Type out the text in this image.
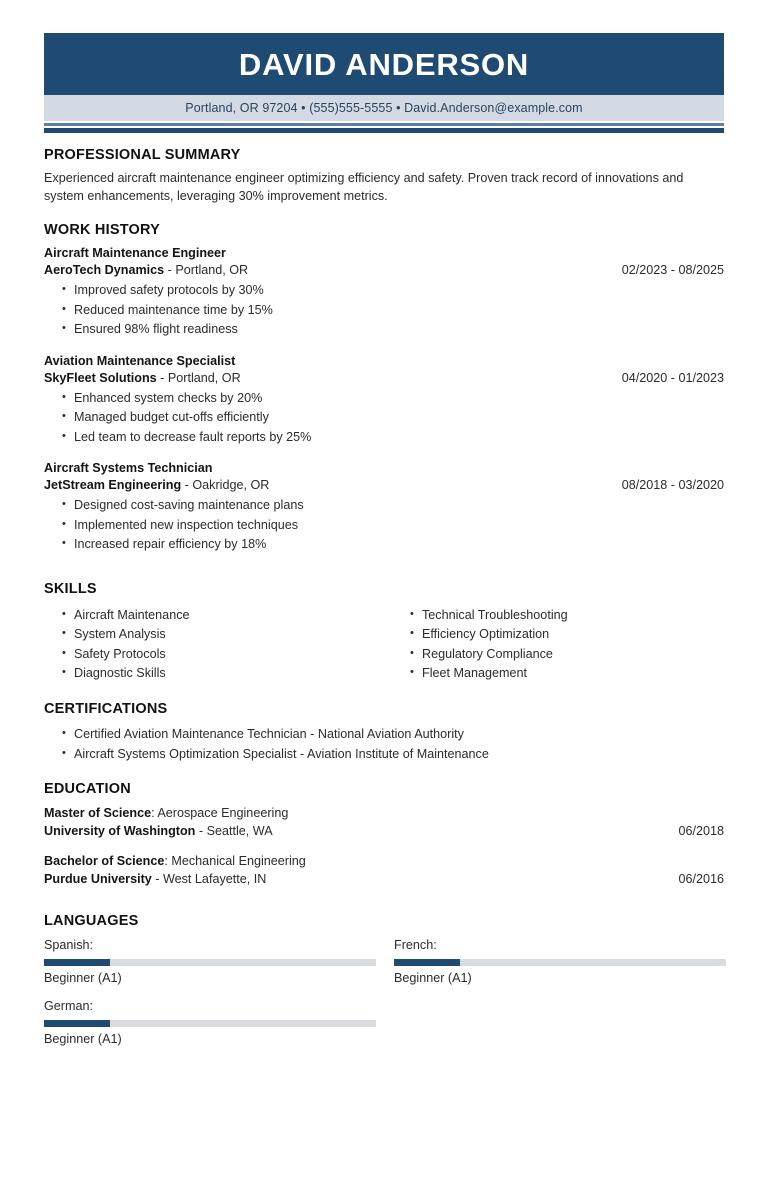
DAVID ANDERSON
Portland, OR 97204 • (555)555-5555 • David.Anderson@example.com
PROFESSIONAL SUMMARY

Experienced aircraft maintenance engineer optimizing efficiency and safety. Proven track record of innovations and system enhancements, leveraging 30% improvement metrics.

WORK HISTORY
Aircraft Maintenance Engineer
AeroTech Dynamics - Portland, OR	02/2023 - 08/2025
• Improved safety protocols by 30%
• Reduced maintenance time by 15%
• Ensured 98% flight readiness
Aviation Maintenance Specialist
SkyFleet Solutions - Portland, OR	04/2020 - 01/2023
• Enhanced system checks by 20%
• Managed budget cut-offs efficiently
• Led team to decrease fault reports by 25%
Aircraft Systems Technician
JetStream Engineering - Oakridge, OR	08/2018 - 03/2020
• Designed cost-saving maintenance plans
• Implemented new inspection techniques
• Increased repair efficiency by 18%
SKILLS
• Aircraft Maintenance
• System Analysis
• Safety Protocols
• Diagnostic Skills
• Technical Troubleshooting
• Efficiency Optimization
• Regulatory Compliance
• Fleet Management
CERTIFICATIONS
• Certified Aviation Maintenance Technician - National Aviation Authority
• Aircraft Systems Optimization Specialist - Aviation Institute of Maintenance
EDUCATION
Master of Science: Aerospace Engineering
University of Washington - Seattle, WA	06/2018
Bachelor of Science: Mechanical Engineering
Purdue University - West Lafayette, IN	06/2016
LANGUAGES
Spanish:
Beginner (A1)
French:
Beginner (A1)
German:
Beginner (A1)
